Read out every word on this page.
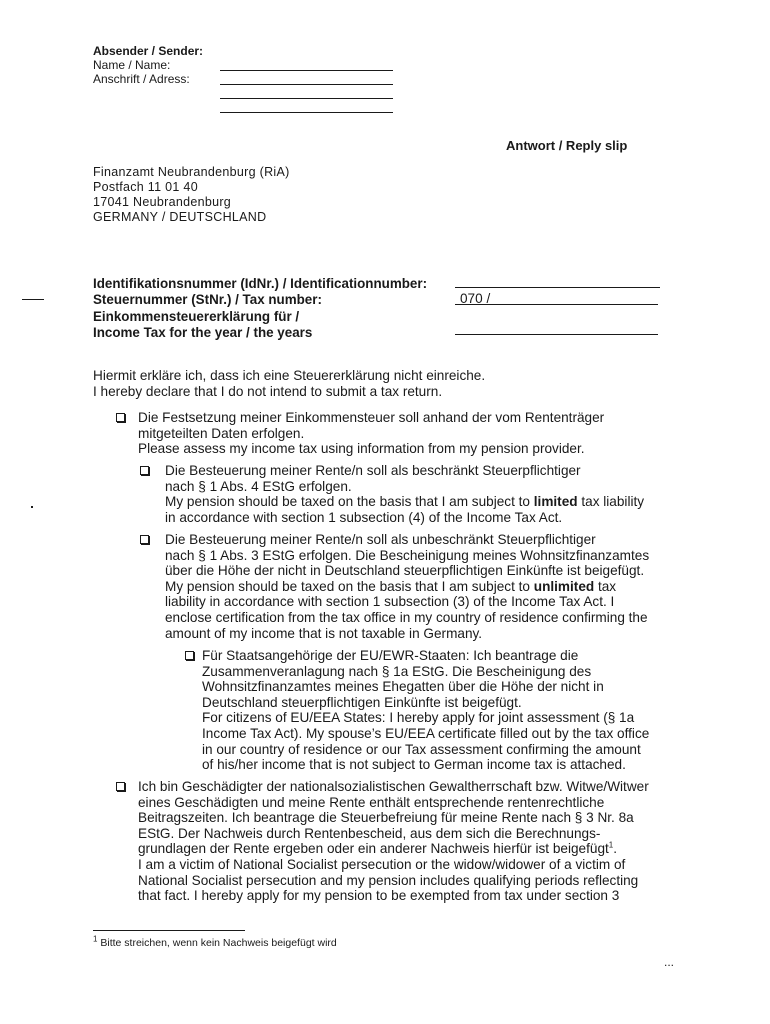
Absender / Sender:
Name / Name:
Anschrift / Adress:
Antwort / Reply slip
Finanzamt Neubrandenburg (RiA)
Postfach 11 01 40
17041 Neubrandenburg
GERMANY / DEUTSCHLAND
Identifikationsnummer (IdNr.) / Identificationnumber:
Steuernummer (StNr.) / Tax number:
Einkommensteuererklärung für /
Income Tax for the year / the years
070 /
Hiermit erkläre ich, dass ich eine Steuererklärung nicht einreiche.
I hereby declare that I do not intend to submit a tax return.
Die Festsetzung meiner Einkommensteuer soll anhand der vom Rententräger
mitgeteilten Daten erfolgen.
Please assess my income tax using information from my pension provider.
Die Besteuerung meiner Rente/n soll als beschränkt Steuerpflichtiger
nach § 1 Abs. 4 EStG erfolgen.
My pension should be taxed on the basis that I am subject to limited tax liability
in accordance with section 1 subsection (4) of the Income Tax Act.
Die Besteuerung meiner Rente/n soll als unbeschränkt Steuerpflichtiger
nach § 1 Abs. 3 EStG erfolgen. Die Bescheinigung meines Wohnsitzfinanzamtes
über die Höhe der nicht in Deutschland steuerpflichtigen Einkünfte ist beigefügt.
My pension should be taxed on the basis that I am subject to unlimited tax
liability in accordance with section 1 subsection (3) of the Income Tax Act. I
enclose certification from the tax office in my country of residence confirming the
amount of my income that is not taxable in Germany.
Für Staatsangehörige der EU/EWR-Staaten: Ich beantrage die
Zusammenveranlagung nach § 1a EStG. Die Bescheinigung des
Wohnsitzfinanzamtes meines Ehegatten über die Höhe der nicht in
Deutschland steuerpflichtigen Einkünfte ist beigefügt.
For citizens of EU/EEA States: I hereby apply for joint assessment (§ 1a
Income Tax Act). My spouse’s EU/EEA certificate filled out by the tax office
in our country of residence or our Tax assessment confirming the amount
of his/her income that is not subject to German income tax is attached.
Ich bin Geschädigter der nationalsozialistischen Gewaltherrschaft bzw. Witwe/Witwer
eines Geschädigten und meine Rente enthält entsprechende rentenrechtliche
Beitragszeiten. Ich beantrage die Steuerbefreiung für meine Rente nach § 3 Nr. 8a
EStG. Der Nachweis durch Rentenbescheid, aus dem sich die Berechnungs-
grundlagen der Rente ergeben oder ein anderer Nachweis hierfür ist beigefügt$^1$.
I am a victim of National Socialist persecution or the widow/widower of a victim of
National Socialist persecution and my pension includes qualifying periods reflecting
that fact. I hereby apply for my pension to be exempted from tax under section 3
$^1$ Bitte streichen, wenn kein Nachweis beigefügt wird
...
